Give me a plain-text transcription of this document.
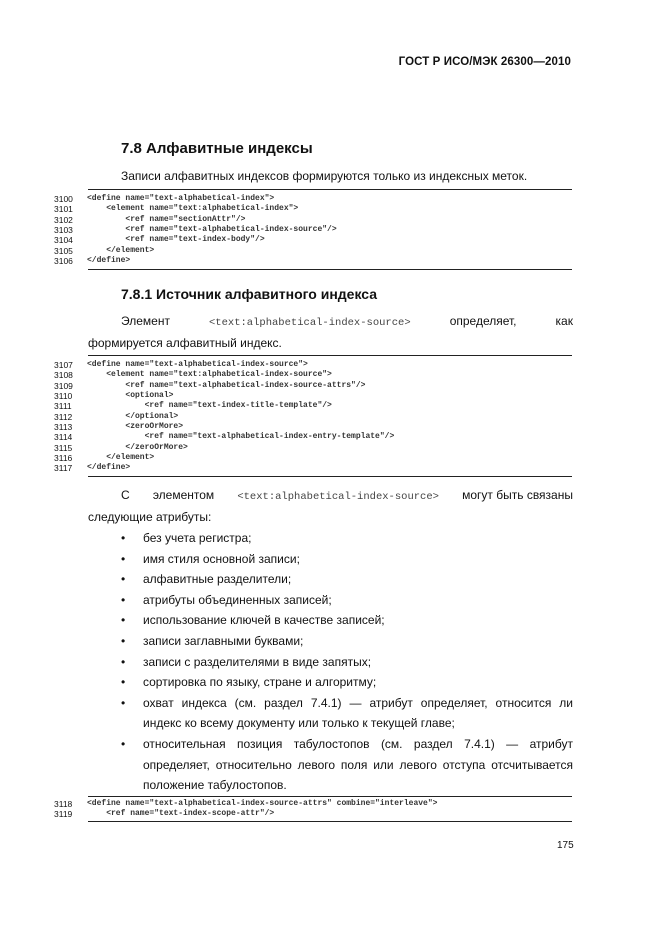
ГОСТ Р ИСО/МЭК 26300—2010
7.8 Алфавитные индексы
Записи алфавитных индексов формируются только из индексных меток.
3100	<define name="text-alphabetical-index">
3101	<element name="text:alphabetical-index">
3102	<ref name="sectionAttr"/>
3103	<ref name="text-alphabetical-index-source"/>
3104	<ref name="text-index-body"/>
3105	</element>
3106	</define>
7.8.1 Источник алфавитного индекса
Элемент	<text:alphabetical-index-source>	определяет,	как
формируется алфавитный индекс.
3107	<define name="text-alphabetical-index-source">
3108	<element name="text:alphabetical-index-source">
3109	<ref name="text-alphabetical-index-source-attrs"/>
3110	<optional>
3111	<ref name="text-index-title-template"/>
3112	</optional>
3113	<zeroOrMore>
3114	<ref name="text-alphabetical-index-entry-template"/>
3115	</zeroOrMore>
3116	</element>
3117	</define>
С элементом <text:alphabetical-index-source> могут быть связаны
следующие атрибуты:
•	без учета регистра;
•	имя стиля основной записи;
•	алфавитные разделители;
•	атрибуты объединенных записей;
•	использование ключей в качестве записей;
•	записи заглавными буквами;
•	записи с разделителями в виде запятых;
•	сортировка по языку, стране и алгоритму;
•	охват индекса (см. раздел 7.4.1) — атрибут определяет, относится ли индекс ко всему документу или только к текущей главе;
•	относительная позиция табулостопов (см. раздел 7.4.1) — атрибут определяет, относительно левого поля или левого отступа отсчитывается положение табулостопов.
3118	<define name="text-alphabetical-index-source-attrs" combine="interleave">
3119	<ref name="text-index-scope-attr"/>
175
